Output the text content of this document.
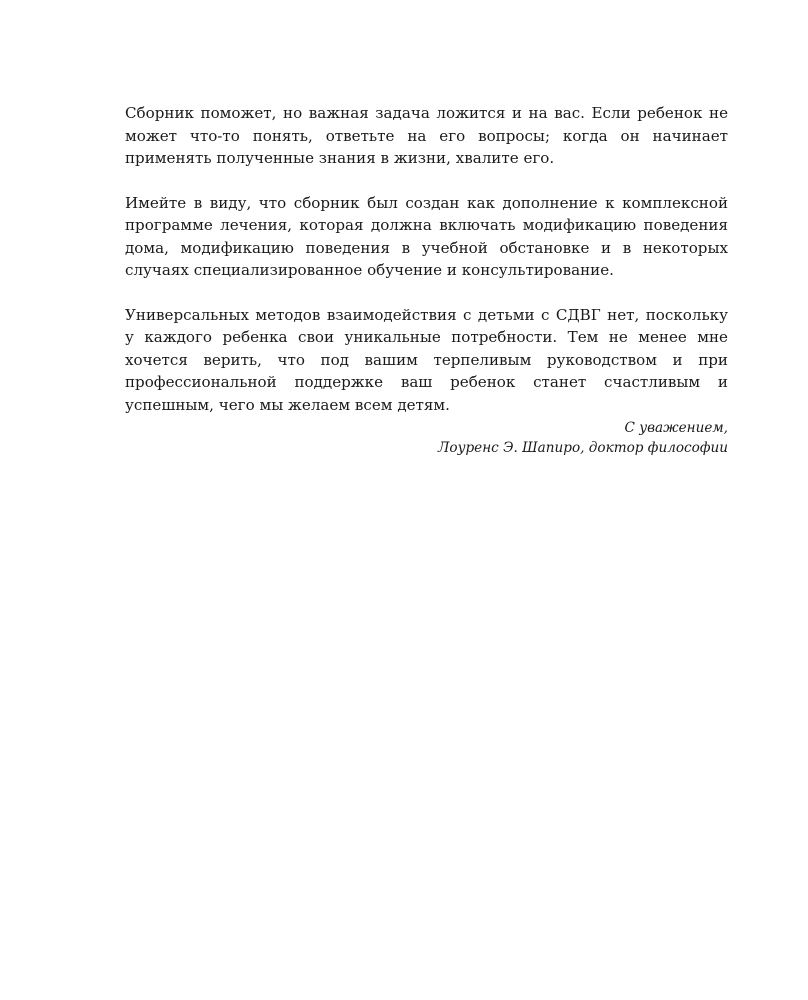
Сборник поможет, но важная задача ложится и на вас. Если ребенок не может что-то понять, ответьте на его вопросы; когда он начинает применять полученные знания в жизни, хвалите его.

Имейте в виду, что сборник был создан как дополнение к комплексной программе лечения, которая должна включать модификацию поведения дома, модификацию поведения в учебной обстановке и в некоторых случаях специализированное обучение и консультирование.

Универсальных методов взаимодействия с детьми с СДВГ нет, поскольку у каждого ребенка свои уникальные потребности. Тем не менее мне хочется верить, что под вашим терпеливым руководством и при профессиональной поддержке ваш ребенок станет счастливым и успешным, чего мы желаем всем детям.

С уважением,
Лоуренс Э. Шапиро, доктор философии
